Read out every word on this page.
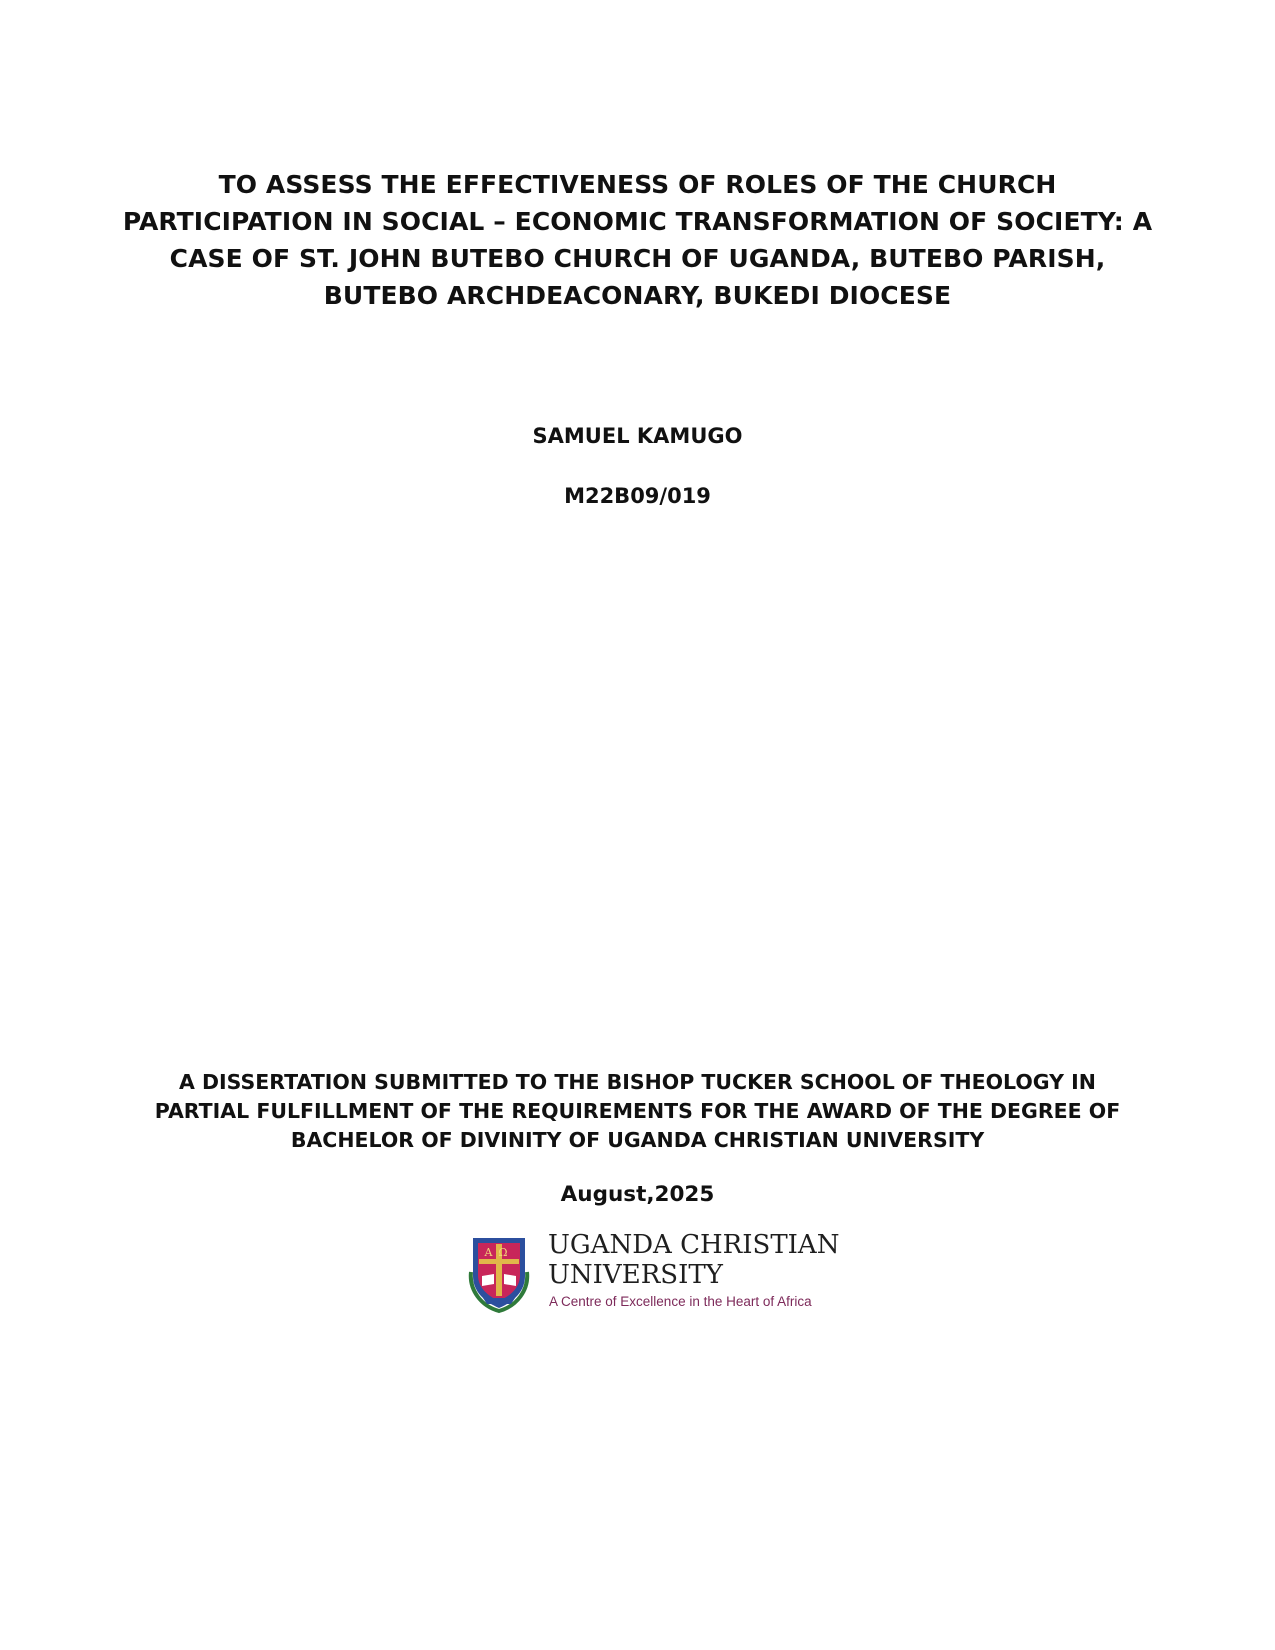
TO ASSESS THE EFFECTIVENESS OF ROLES OF THE CHURCH
PARTICIPATION IN SOCIAL – ECONOMIC TRANSFORMATION OF SOCIETY: A
CASE OF ST. JOHN BUTEBO CHURCH OF UGANDA, BUTEBO PARISH,
BUTEBO ARCHDEACONARY, BUKEDI DIOCESE
SAMUEL KAMUGO
M22B09/019
A DISSERTATION SUBMITTED TO THE BISHOP TUCKER SCHOOL OF THEOLOGY IN
PARTIAL FULFILLMENT OF THE REQUIREMENTS FOR THE AWARD OF THE DEGREE OF
BACHELOR OF DIVINITY OF UGANDA CHRISTIAN UNIVERSITY
August,2025
AΩ UGANDA CHRISTIAN
UNIVERSITY
A Centre of Excellence in the Heart of Africa
